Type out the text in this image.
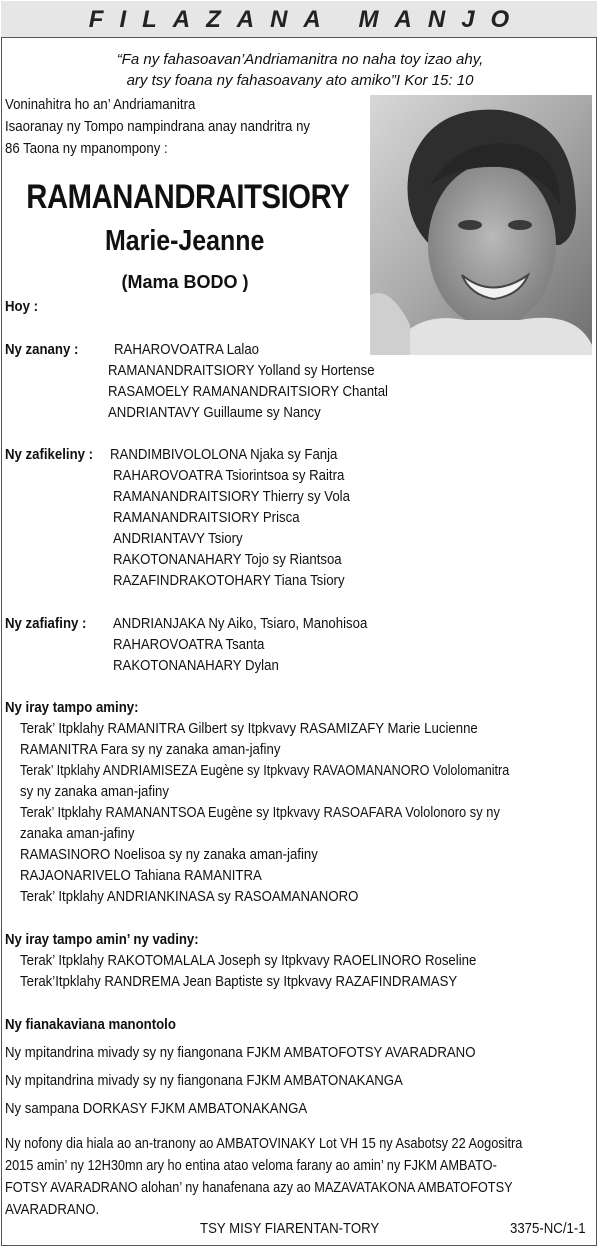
FILAZANA MANJO
“Fa ny fahasoavan’Andriamanitra no naha toy izao ahy,
ary tsy foana ny fahasoavany ato amiko”I Kor 15: 10
Voninahitra ho an’ Andriamanitra
Isaoranay ny Tompo nampindrana anay nandritra ny
86 Taona ny mpanompony :
RAMANANDRAITSIORY
Marie-Jeanne
(Mama BODO )
Hoy :
Ny zanany :	RAHAROVOATRA Lalao
RAMANANDRAITSIORY Yolland sy Hortense
RASAMOELY RAMANANDRAITSIORY Chantal
ANDRIANTAVY Guillaume sy Nancy
Ny zafikeliny :	RANDIMBIVOLOLONA Njaka sy Fanja
RAHAROVOATRA Tsiorintsoa sy Raitra
RAMANANDRAITSIORY Thierry sy Vola
RAMANANDRAITSIORY Prisca
ANDRIANTAVY Tsiory
RAKOTONANAHARY Tojo sy Riantsoa
RAZAFINDRAKOTOHARY Tiana Tsiory
Ny zafiafiny :	ANDRIANJAKA Ny Aiko, Tsiaro, Manohisoa
RAHAROVOATRA Tsanta
RAKOTONANAHARY Dylan
Ny iray tampo aminy:
Terak’ Itpklahy RAMANITRA Gilbert sy Itpkvavy RASAMIZAFY Marie Lucienne
RAMANITRA Fara sy ny zanaka aman-jafiny
Terak’ Itpklahy ANDRIAMISEZA Eugène sy Itpkvavy RAVAOMANANORO Vololomanitra
sy ny zanaka aman-jafiny
Terak’ Itpklahy RAMANANTSOA Eugène sy Itpkvavy RASOAFARA Vololonoro sy ny
zanaka aman-jafiny
RAMASINORO Noelisoa sy ny zanaka aman-jafiny
RAJAONARIVELO Tahiana RAMANITRA
Terak’ Itpklahy ANDRIANKINASA sy RASOAMANANORO
Ny iray tampo amin’ ny vadiny:
Terak’ Itpklahy RAKOTOMALALA Joseph sy Itpkvavy RAOELINORO Roseline
Terak’Itpklahy RANDREMA Jean Baptiste sy Itpkvavy RAZAFINDRAMASY
Ny fianakaviana manontolo
Ny mpitandrina mivady sy ny fiangonana FJKM AMBATOFOTSY AVARADRANO
Ny mpitandrina mivady sy ny fiangonana FJKM AMBATONAKANGA
Ny sampana DORKASY FJKM AMBATONAKANGA
Ny nofony dia hiala ao an-tranony ao AMBATOVINAKY Lot VH 15 ny Asabotsy 22 Aogositra
2015 amin’ ny 12H30mn ary ho entina atao veloma farany ao amin’ ny FJKM AMBATO-
FOTSY AVARADRANO alohan’ ny hanafenana azy ao MAZAVATAKONA AMBATOFOTSY
AVARADRANO.
TSY MISY FIARENTAN-TORY	3375-NC/1-1
